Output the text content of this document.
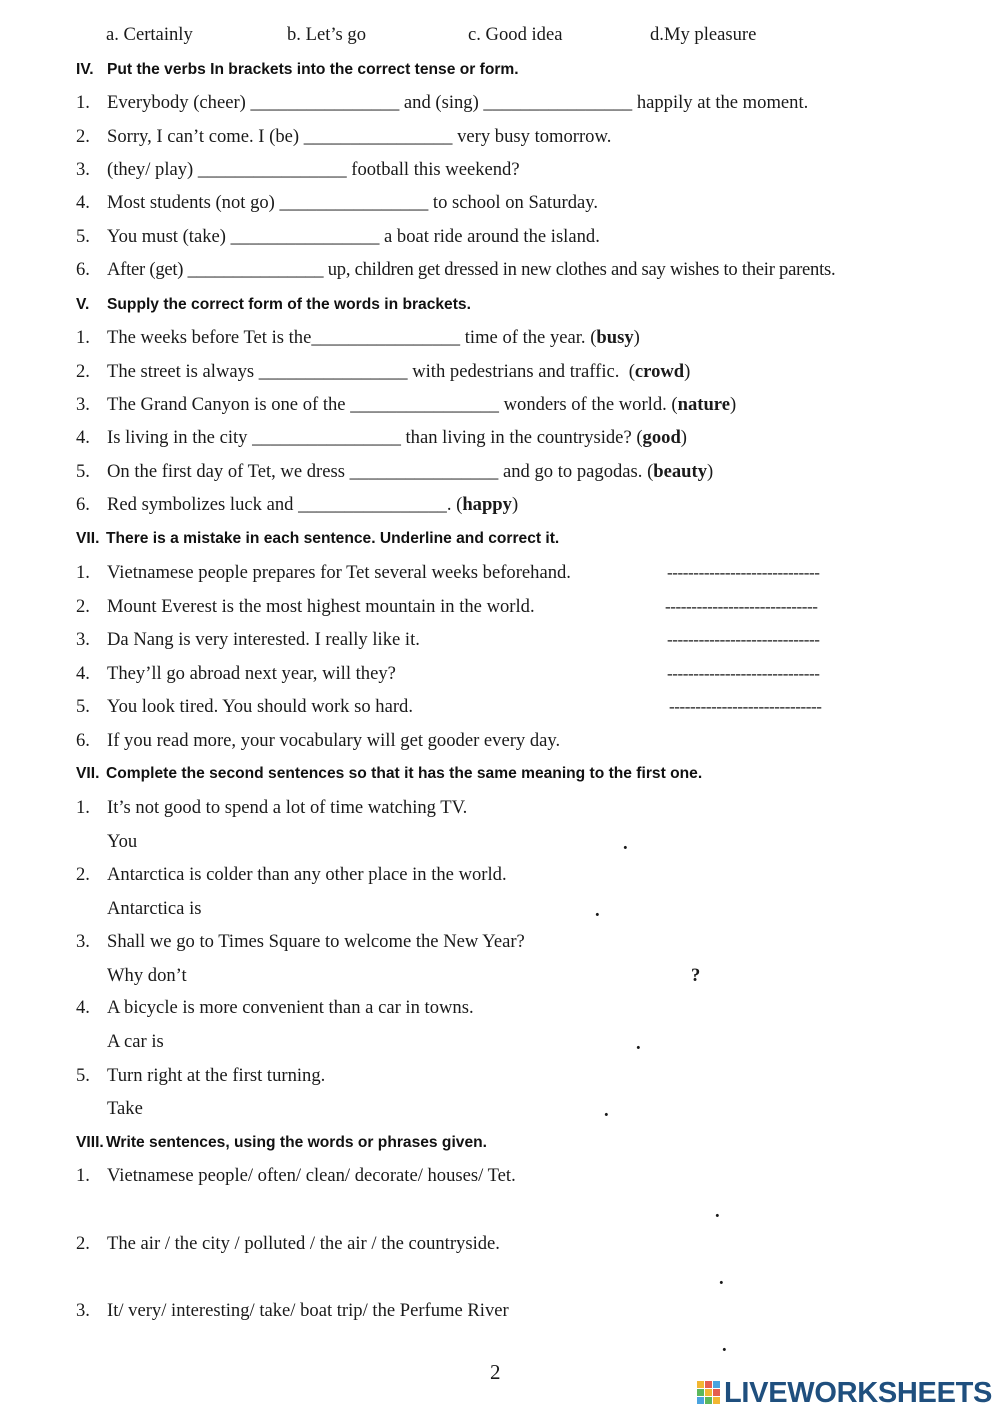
a. Certainly	b. Let’s go	c. Good idea	d.My pleasure
IV. Put the verbs In brackets into the correct tense or form.
1. Everybody (cheer) ________________ and (sing) ________________ happily at the moment.
2. Sorry, I can’t come. I (be) ________________ very busy tomorrow.
3. (they/ play) ________________ football this weekend?
4. Most students (not go) ________________ to school on Saturday.
5. You must (take) ________________ a boat ride around the island.
6. After (get) _______________ up, children get dressed in new clothes and say wishes to their parents.
V. Supply the correct form of the words in brackets.
1. The weeks before Tet is the________________ time of the year. (busy)
2. The street is always ________________ with pedestrians and traffic.  (crowd)
3. The Grand Canyon is one of the ________________ wonders of the world. (nature)
4. Is living in the city ________________ than living in the countryside? (good)
5. On the first day of Tet, we dress ________________ and go to pagodas. (beauty)
6. Red symbolizes luck and ________________. (happy)
VII. There is a mistake in each sentence. Underline and correct it.
1. Vietnamese people prepares for Tet several weeks beforehand.
2. Mount Everest is the most highest mountain in the world.
3. Da Nang is very interested. I really like it.
4. They’ll go abroad next year, will they?
5. You look tired. You should work so hard.
6. If you read more, your vocabulary will get gooder every day.
-----------------------------
-----------------------------
-----------------------------
-----------------------------
-----------------------------
VII. Complete the second sentences so that it has the same meaning to the first one.
1. It’s not good to spend a lot of time watching TV.
You	.
2. Antarctica is colder than any other place in the world.
Antarctica is	.
3. Shall we go to Times Square to welcome the New Year?
Why don’t	?
4. A bicycle is more convenient than a car in towns.
A car is	.
5. Turn right at the first turning.
Take	.
VIII. Write sentences, using the words or phrases given.
1. Vietnamese people/ often/ clean/ decorate/ houses/ Tet.
.
2. The air / the city / polluted / the air / the countryside.
.
3. It/ very/ interesting/ take/ boat trip/ the Perfume River
.
2
LIVEWORKSHEETS
